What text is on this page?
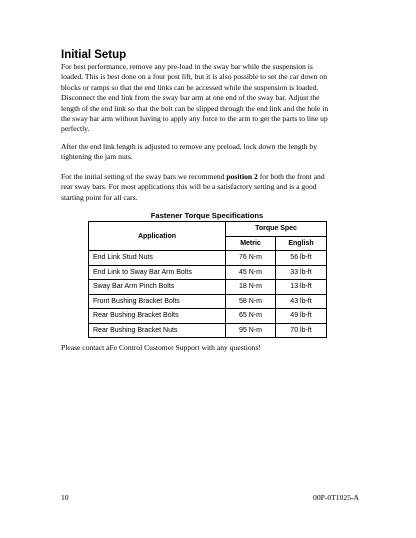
Initial Setup

For best performance, remove any pre-load in the sway bar while the suspension is
loaded. This is best done on a four post lift, but it is also possible to set the car down on
blocks or ramps so that the end links can be accessed while the suspension is loaded.
Disconnect the end link from the sway bar arm at one end of the sway bar. Adjust the
length of the end link so that the bolt can be slipped through the end link and the hole in
the sway bar arm without having to apply any force to the arm to get the parts to line up
perfectly.

After the end link length is adjusted to remove any preload, lock down the length by
tightening the jam nuts.

For the initial setting of the sway bars we recommend position 2 for both the front and
rear sway bars. For most applications this will be a satisfactory setting and is a good
starting point for all cars.

Fastener Torque Specifications
Application	Torque Spec	
	Metric	English
End Link Stud Nuts	76 N-m	56 lb-ft
End Link to Sway Bar Arm Bolts	45 N-m	33 lb-ft
Sway Bar Arm Pinch Bolts	18 N-m	13 lb-ft
Front Bushing Bracket Bolts	58 N-m	43 lb-ft
Rear Bushing Bracket Bolts	65 N-m	49 lb-ft
Rear Bushing Bracket Nuts	95 N-m	70 lb-ft
Please contact aFe Control Customer Support with any questions!
10	00P-0T1025-A
